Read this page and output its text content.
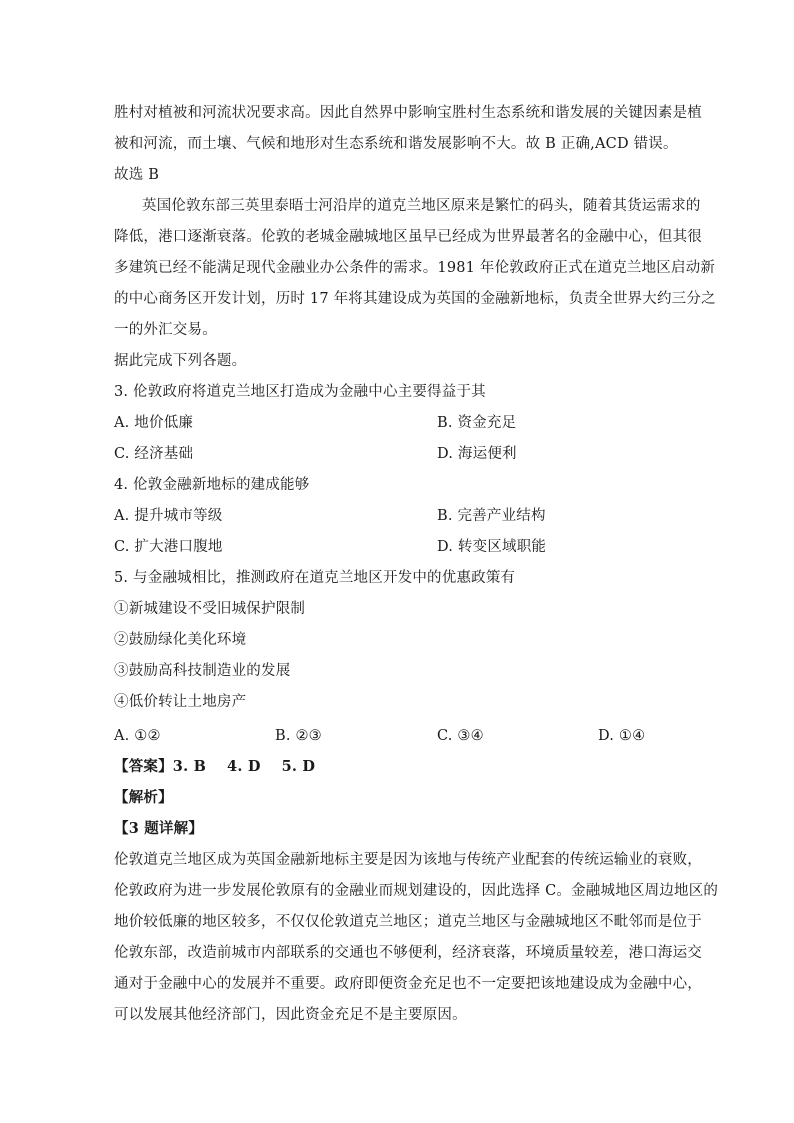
胜村对植被和河流状况要求高。因此自然界中影响宝胜村生态系统和谐发展的关键因素是植
被和河流，而土壤、气候和地形对生态系统和谐发展影响不大。故 B 正确,ACD 错误。
故选 B
英国伦敦东部三英里泰晤士河沿岸的道克兰地区原来是繁忙的码头，随着其货运需求的
降低，港口逐渐衰落。伦敦的老城金融城地区虽早已经成为世界最著名的金融中心，但其很
多建筑已经不能满足现代金融业办公条件的需求。1981 年伦敦政府正式在道克兰地区启动新
的中心商务区开发计划，历时 17 年将其建设成为英国的金融新地标，负责全世界大约三分之
一的外汇交易。
据此完成下列各题。
3. 伦敦政府将道克兰地区打造成为金融中心主要得益于其
A. 地价低廉	B. 资金充足
C. 经济基础	D. 海运便利
4. 伦敦金融新地标的建成能够
A. 提升城市等级	B. 完善产业结构
C. 扩大港口腹地	D. 转变区域职能
5. 与金融城相比，推测政府在道克兰地区开发中的优惠政策有
①新城建设不受旧城保护限制
②鼓励绿化美化环境
③鼓励高科技制造业的发展
④低价转让土地房产
A. ①②	B. ②③	C. ③④	D. ①④
【答案】3. B    4. D    5. D
【解析】
【3 题详解】
伦敦道克兰地区成为英国金融新地标主要是因为该地与传统产业配套的传统运输业的衰败，
伦敦政府为进一步发展伦敦原有的金融业而规划建设的，因此选择 C。金融城地区周边地区的
地价较低廉的地区较多，不仅仅伦敦道克兰地区；道克兰地区与金融城地区不毗邻而是位于
伦敦东部，改造前城市内部联系的交通也不够便利，经济衰落，环境质量较差，港口海运交
通对于金融中心的发展并不重要。政府即便资金充足也不一定要把该地建设成为金融中心，
可以发展其他经济部门，因此资金充足不是主要原因。
